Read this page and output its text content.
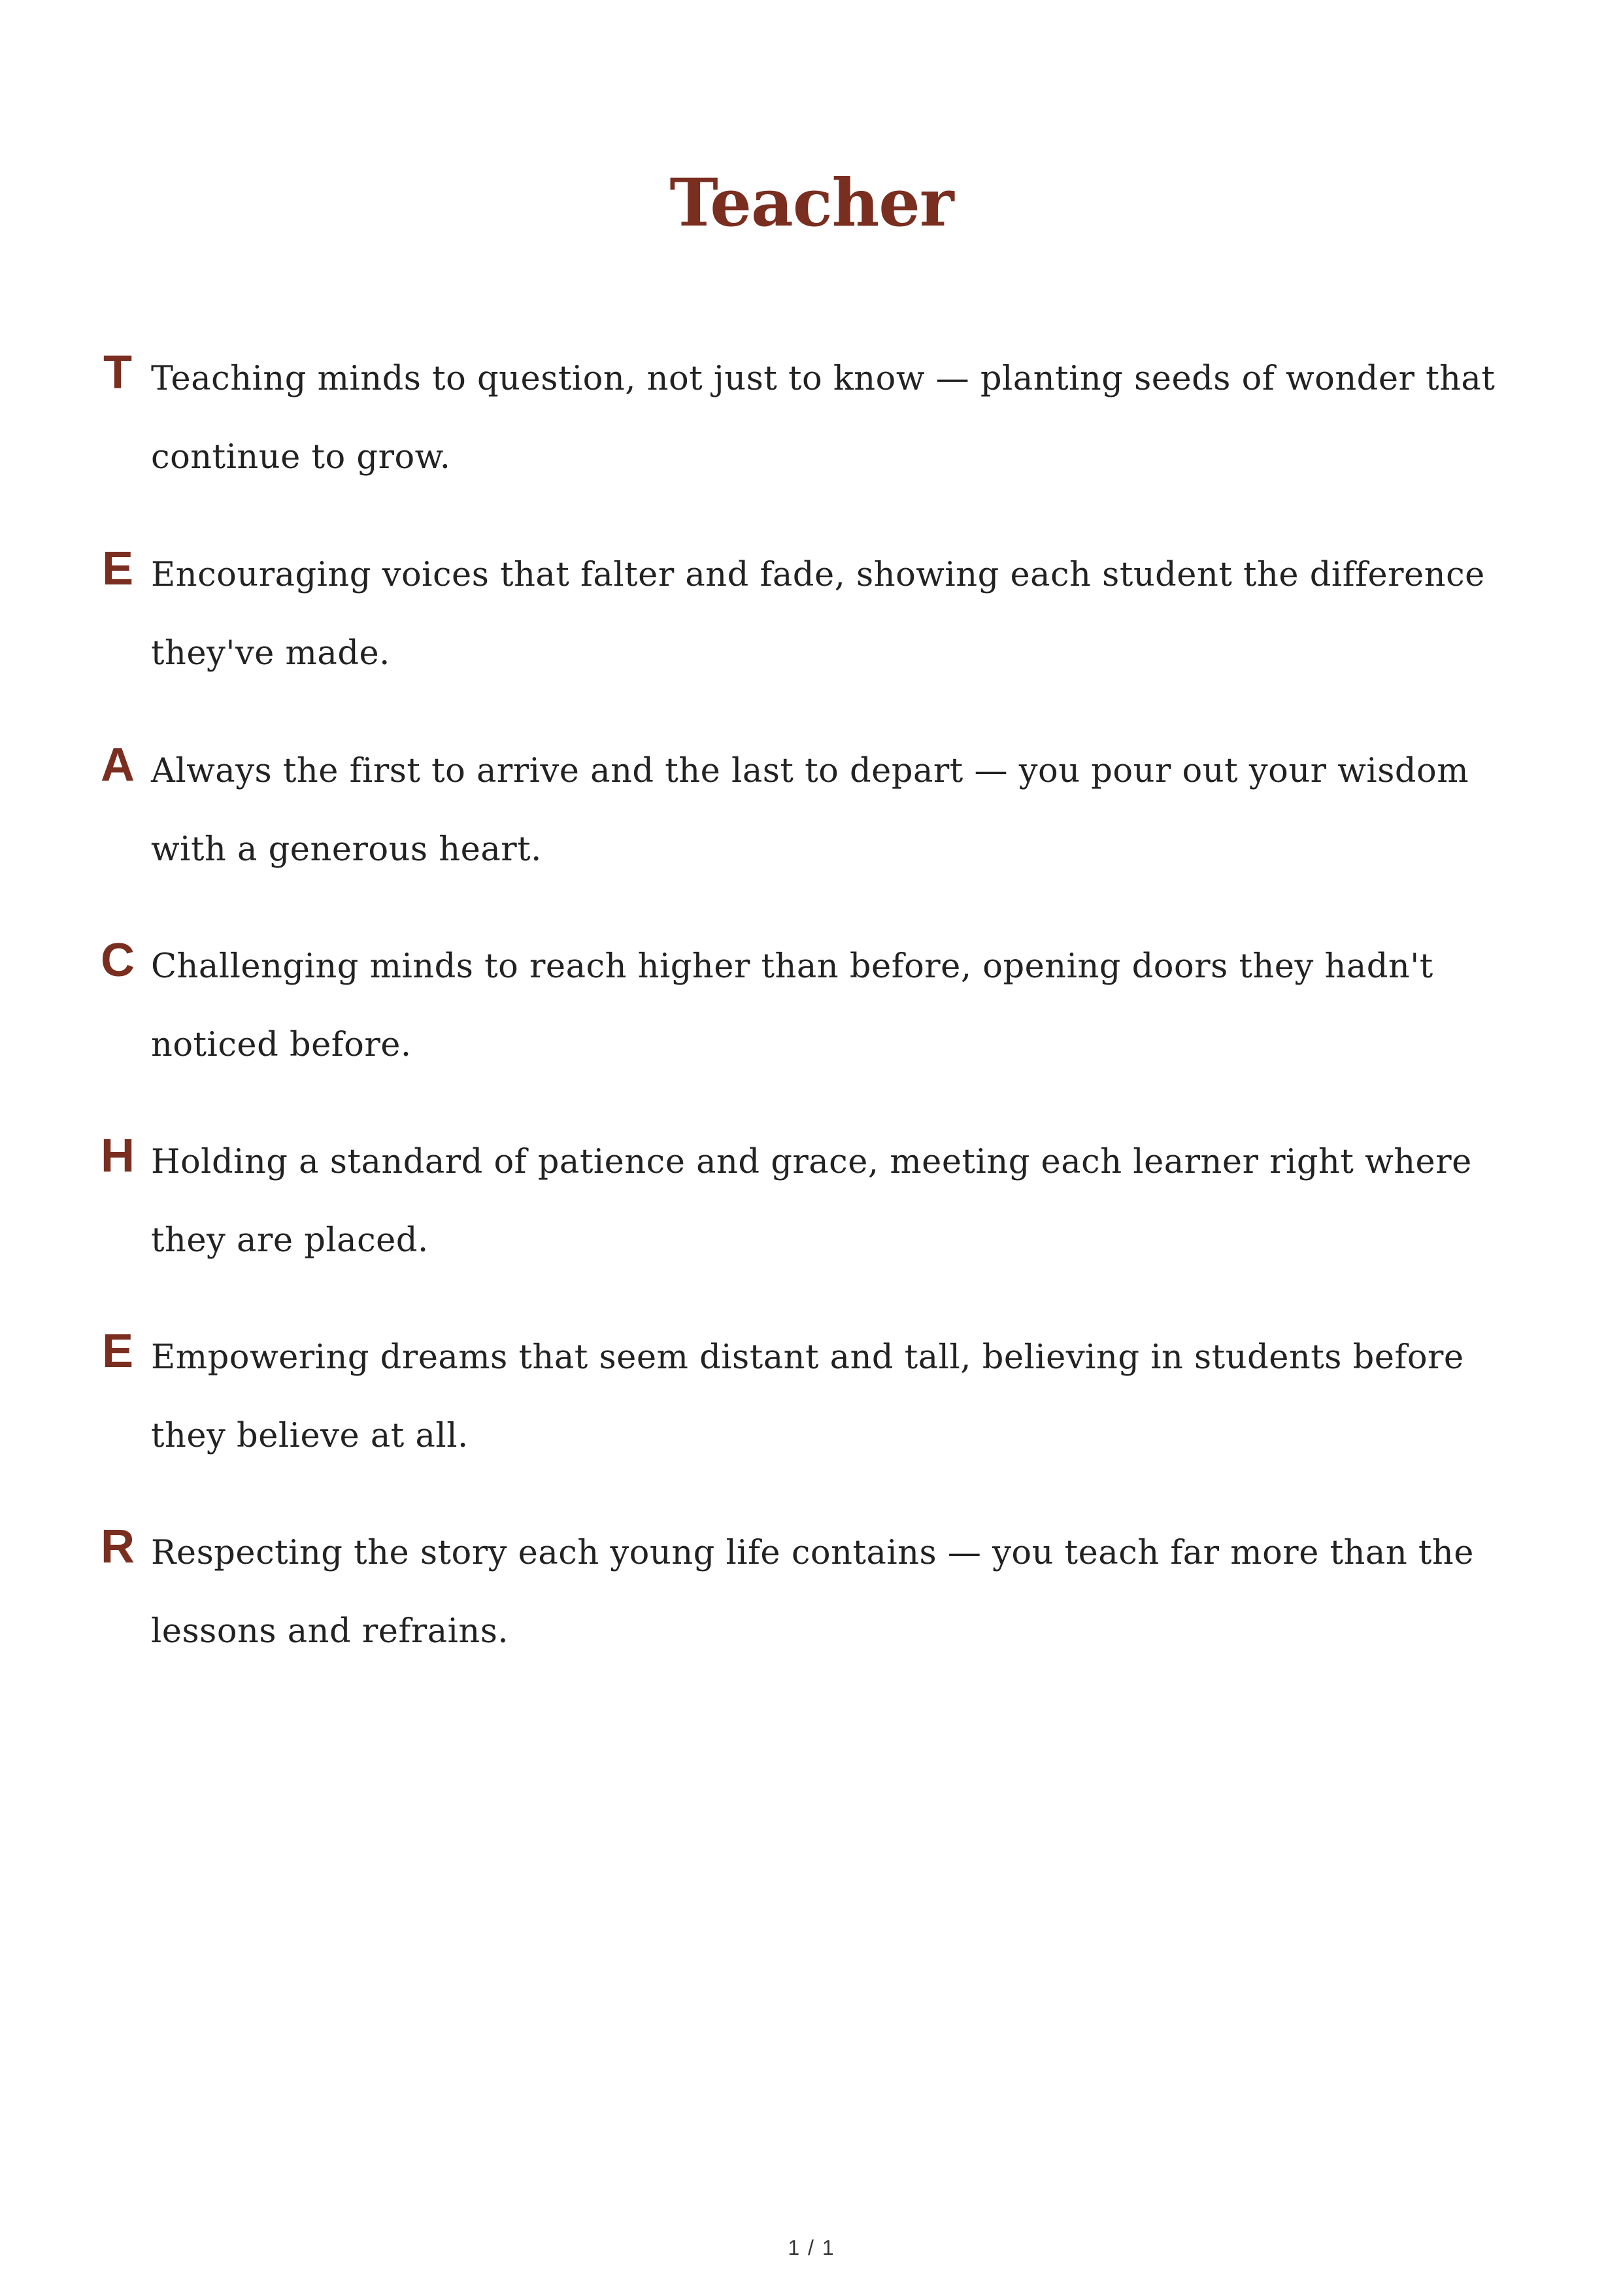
Teacher
T Teaching minds to question, not just to know — planting seeds of wonder that continue to grow.
E Encouraging voices that falter and fade, showing each student the difference they've made.
A Always the first to arrive and the last to depart — you pour out your wisdom with a generous heart.
C Challenging minds to reach higher than before, opening doors they hadn't noticed before.
H Holding a standard of patience and grace, meeting each learner right where they are placed.
E Empowering dreams that seem distant and tall, believing in students before they believe at all.
R Respecting the story each young life contains — you teach far more than the lessons and refrains.
1 / 1
